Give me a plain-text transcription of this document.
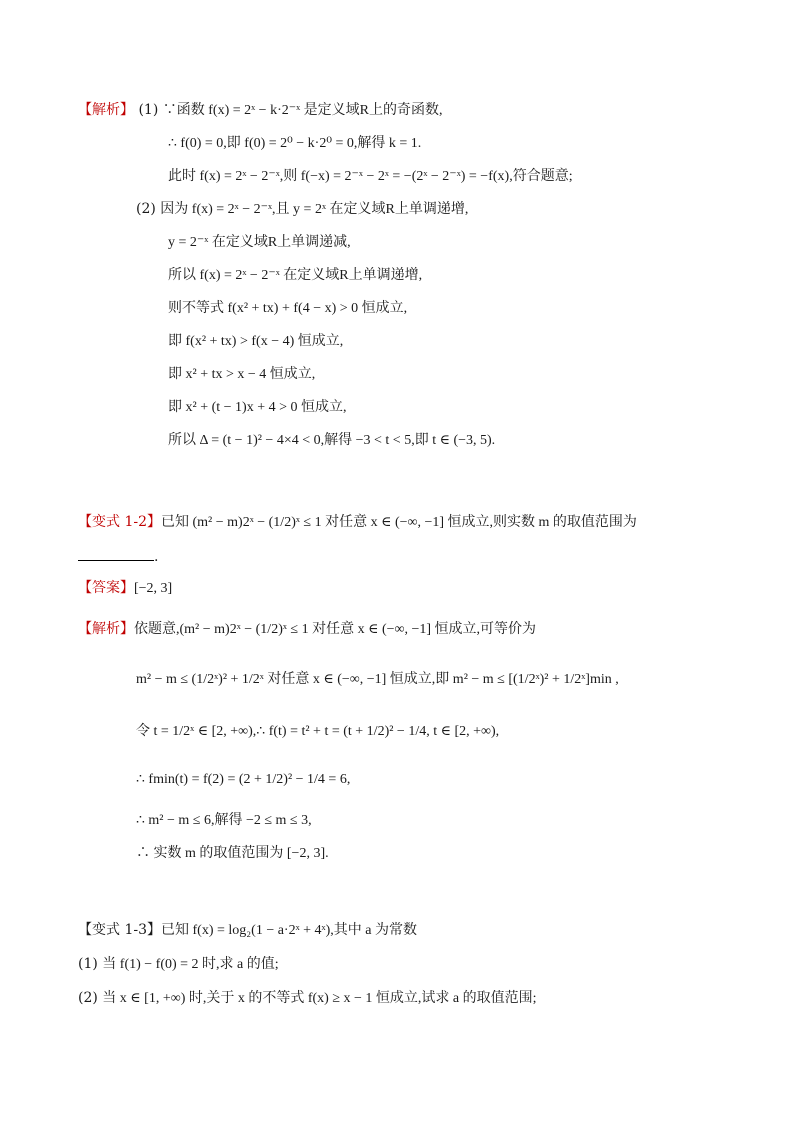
【解析】 (1) ∵函数 f(x) = 2ˣ − k·2⁻ˣ 是定义域R上的奇函数,
∴ f(0) = 0,即 f(0) = 2⁰ − k·2⁰ = 0,解得 k = 1.
此时 f(x) = 2ˣ − 2⁻ˣ,则 f(−x) = 2⁻ˣ − 2ˣ = −(2ˣ − 2⁻ˣ) = −f(x),符合题意;
(2) 因为 f(x) = 2ˣ − 2⁻ˣ,且 y = 2ˣ 在定义域R上单调递增,
y = 2⁻ˣ 在定义域R上单调递减,
所以 f(x) = 2ˣ − 2⁻ˣ 在定义域R上单调递增,
则不等式 f(x² + tx) + f(4 − x) > 0 恒成立,
即 f(x² + tx) > f(x − 4) 恒成立,
即 x² + tx > x − 4 恒成立,
即 x² + (t − 1)x + 4 > 0 恒成立,
所以 Δ = (t − 1)² − 4×4 < 0,解得 −3 < t < 5,即 t ∈ (−3, 5).
【变式 1-2】已知 (m² − m)2ˣ − (1/2)ˣ ≤ 1 对任意 x ∈ (−∞, −1] 恒成立,则实数 m 的取值范围为
.
【答案】[−2, 3]
【解析】依题意,(m² − m)2ˣ − (1/2)ˣ ≤ 1 对任意 x ∈ (−∞, −1] 恒成立,可等价为
m² − m ≤ (1/2ˣ)² + 1/2ˣ 对任意 x ∈ (−∞, −1] 恒成立,即 m² − m ≤ [(1/2ˣ)² + 1/2ˣ]min ,
令 t = 1/2ˣ ∈ [2, +∞),∴ f(t) = t² + t = (t + 1/2)² − 1/4, t ∈ [2, +∞),
∴ fmin(t) = f(2) = (2 + 1/2)² − 1/4 = 6,
∴ m² − m ≤ 6,解得 −2 ≤ m ≤ 3,
∴ 实数 m 的取值范围为 [−2, 3].
【变式 1-3】已知 f(x) = log₂(1 − a·2ˣ + 4ˣ),其中 a 为常数
(1) 当 f(1) − f(0) = 2 时,求 a 的值;
(2) 当 x ∈ [1, +∞) 时,关于 x 的不等式 f(x) ≥ x − 1 恒成立,试求 a 的取值范围;
